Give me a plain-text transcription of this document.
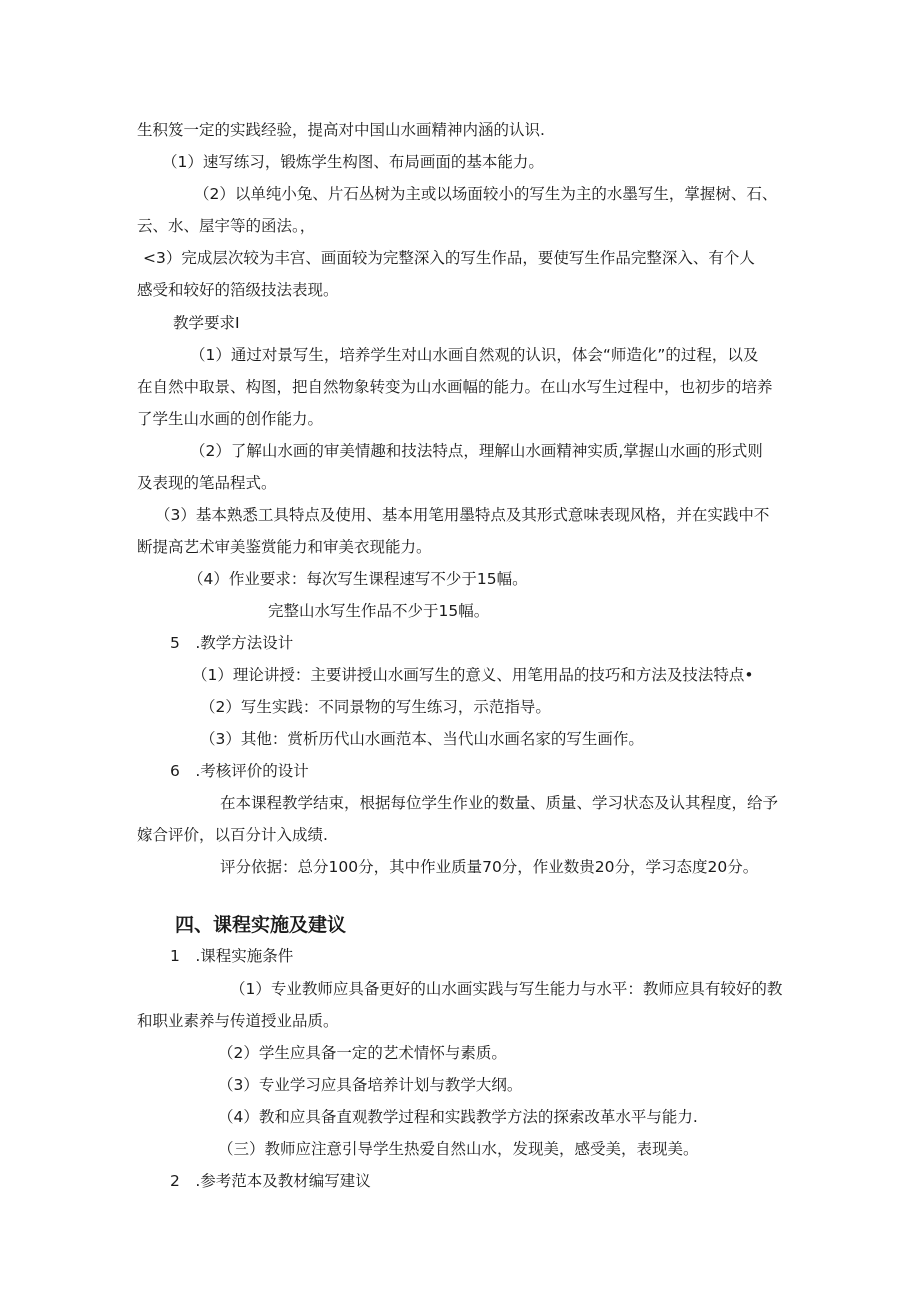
生积笈一定的实践经验，提高对中国山水画精神内涵的认识.

（1）速写练习，锻炼学生构图、布局画面的基本能力。

（2）以单纯小兔、片石丛树为主或以场面较小的写生为主的水墨写生，掌握树、石、

云、水、屋宇等的函法。，

<3）完成层次较为丰宫、画面较为完整深入的写生作品，要使写生作品完整深入、有个人

感受和较好的箔级技法表现。

教学要求I

（1）通过对景写生，培养学生对山水画自然观的认识，体会“师造化”的过程，以及

在自然中取景、构图，把自然物象转变为山水画幅的能力。在山水写生过程中，也初步的培养

了学生山水画的创作能力。

（2）了解山水画的审美情趣和技法特点，理解山水画精神实质,掌握山水画的形式则

及表现的笔品程式。

（3）基本熟悉工具特点及使用、基本用笔用墨特点及其形式意味表现风格，并在实践中不

断提高艺术审美鉴赏能力和审美衣现能力。

（4）作业要求：每次写生课程速写不少于15幅。

完整山水写生作品不少于15幅。

5　.教学方法设计

（1）理论讲授：主要讲授山水画写生的意义、用笔用品的技巧和方法及技法特点•

（2）写生实践：不同景物的写生练习，示范指导。

（3）其他：赏析历代山水画范本、当代山水画名家的写生画作。

6　.考核评价的设计

在本课程教学结束，根据每位学生作业的数量、质量、学习状态及认其程度，给予

嫁合评价，以百分计入成绩.

评分依据：总分100分，其中作业质量70分，作业数贵20分，学习态度20分。

四、课程实施及建议

1　.课程实施条件

（1）专业教师应具备更好的山水画实践与写生能力与水平：教师应具有较好的教

和职业素养与传道授业品质。

（2）学生应具备一定的艺术情怀与素质。

（3）专业学习应具备培养计划与教学大纲。

（4）教和应具备直观教学过程和实践教学方法的探索改革水平与能力.

（三）教师应注意引导学生热爱自然山水，发现美，感受美，表现美。

2　.参考范本及教材编写建议
